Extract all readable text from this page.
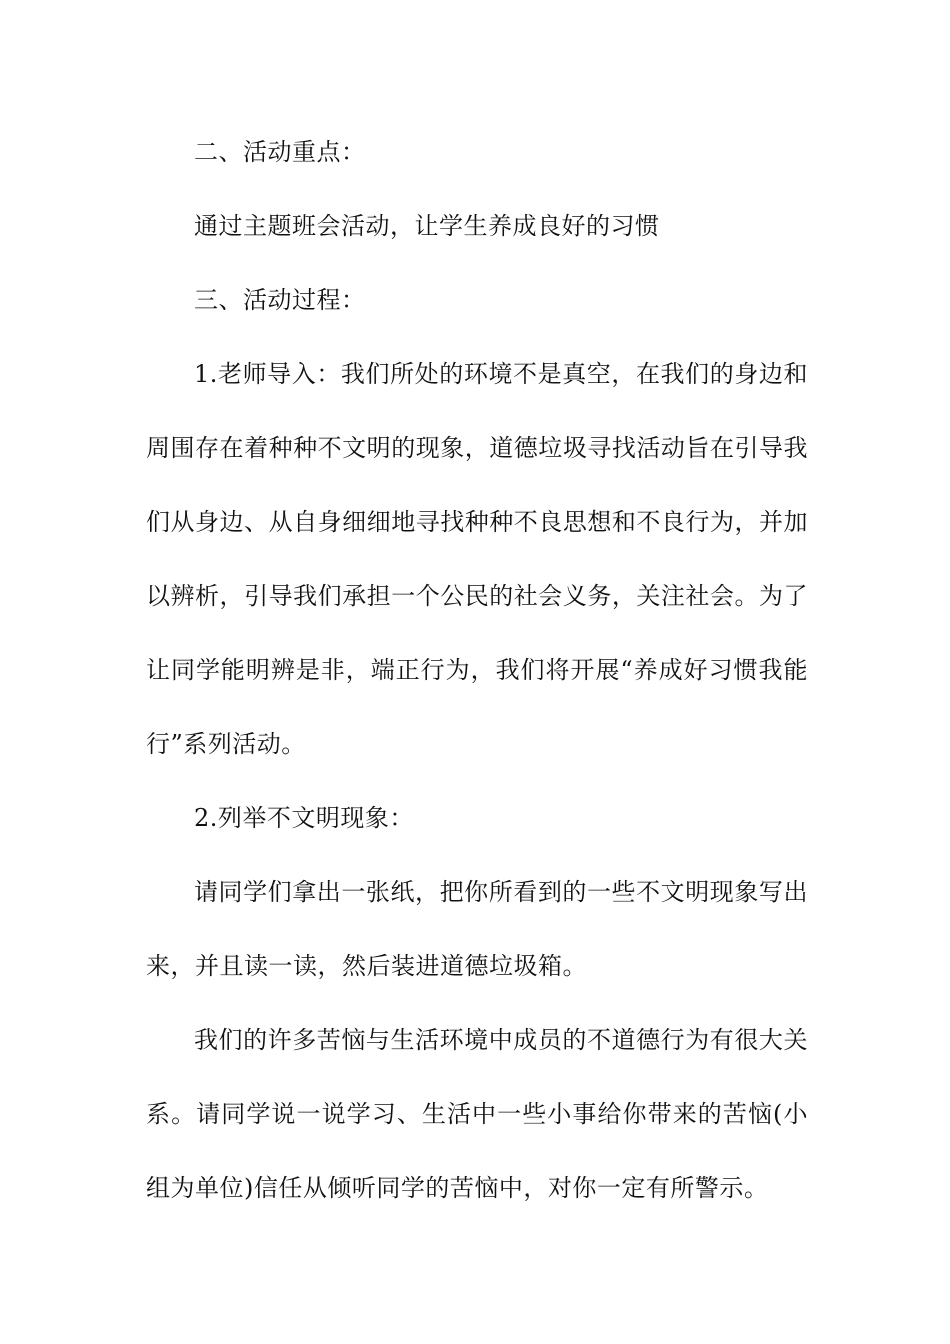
二、活动重点：

通过主题班会活动，让学生养成良好的习惯

三、活动过程：

1.老师导入：我们所处的环境不是真空，在我们的身边和周围存在着种种不文明的现象，道德垃圾寻找活动旨在引导我们从身边、从自身细细地寻找种种不良思想和不良行为，并加以辨析，引导我们承担一个公民的社会义务，关注社会。为了让同学能明辨是非，端正行为，我们将开展“养成好习惯我能行”系列活动。

2.列举不文明现象：

请同学们拿出一张纸，把你所看到的一些不文明现象写出来，并且读一读，然后装进道德垃圾箱。

我们的许多苦恼与生活环境中成员的不道德行为有很大关系。请同学说一说学习、生活中一些小事给你带来的苦恼(小组为单位)信任从倾听同学的苦恼中，对你一定有所警示。
